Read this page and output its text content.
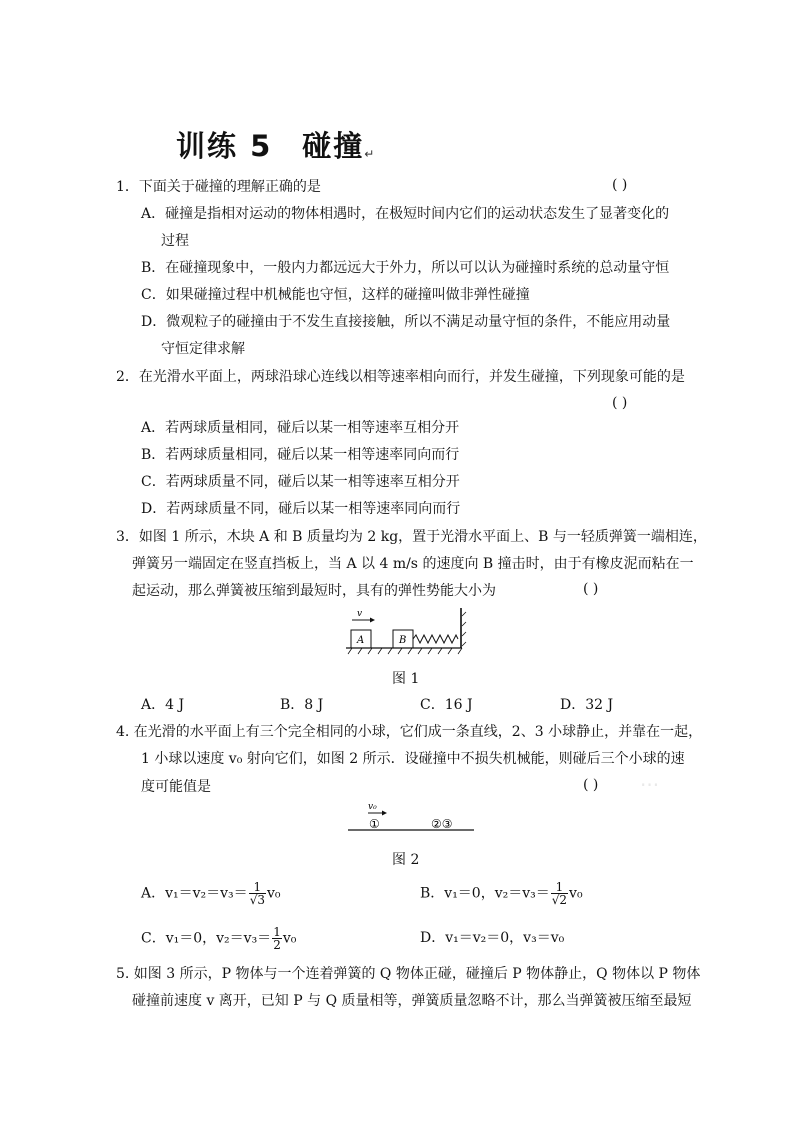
训练 5 碰撞↵
1．下面关于碰撞的理解正确的是	( )
A．碰撞是指相对运动的物体相遇时，在极短时间内它们的运动状态发生了显著变化的
过程
B．在碰撞现象中，一般内力都远远大于外力，所以可以认为碰撞时系统的总动量守恒
C．如果碰撞过程中机械能也守恒，这样的碰撞叫做非弹性碰撞
D．微观粒子的碰撞由于不发生直接接触，所以不满足动量守恒的条件，不能应用动量
守恒定律求解
2．在光滑水平面上，两球沿球心连线以相等速率相向而行，并发生碰撞，下列现象可能的是
( )
A．若两球质量相同，碰后以某一相等速率互相分开
B．若两球质量相同，碰后以某一相等速率同向而行
C．若两球质量不同，碰后以某一相等速率互相分开
D．若两球质量不同，碰后以某一相等速率同向而行
3．如图 1 所示，木块 A 和 B 质量均为 2 kg，置于光滑水平面上、B 与一轻质弹簧一端相连，
弹簧另一端固定在竖直挡板上，当 A 以 4 m/s 的速度向 B 撞击时，由于有橡皮泥而粘在一
起运动，那么弹簧被压缩到最短时，具有的弹性势能大小为	( )
v
A	B
图 1
A．4 J	B．8 J	C．16 J	D．32 J
4. 在光滑的水平面上有三个完全相同的小球，它们成一条直线，2、3 小球静止，并靠在一起，
1 小球以速度 v₀ 射向它们，如图 2 所示．设碰撞中不损失机械能，则碰后三个小球的速
度可能值是	( ) ···
v₀
①	②③
图 2
A．$v_1=v_2=v_3= \frac{1}{√3} v_0$	B．v₁＝0，$v_2=v_3= \frac{1}{√2} v_0$
C．v₁＝0，$v_2=v_3= \frac{1}{2} v_0$	D．v₁＝v₂＝0，v₃＝v₀
5. 如图 3 所示，P 物体与一个连着弹簧的 Q 物体正碰，碰撞后 P 物体静止，Q 物体以 P 物体
碰撞前速度 v 离开，已知 P 与 Q 质量相等，弹簧质量忽略不计，那么当弹簧被压缩至最短
